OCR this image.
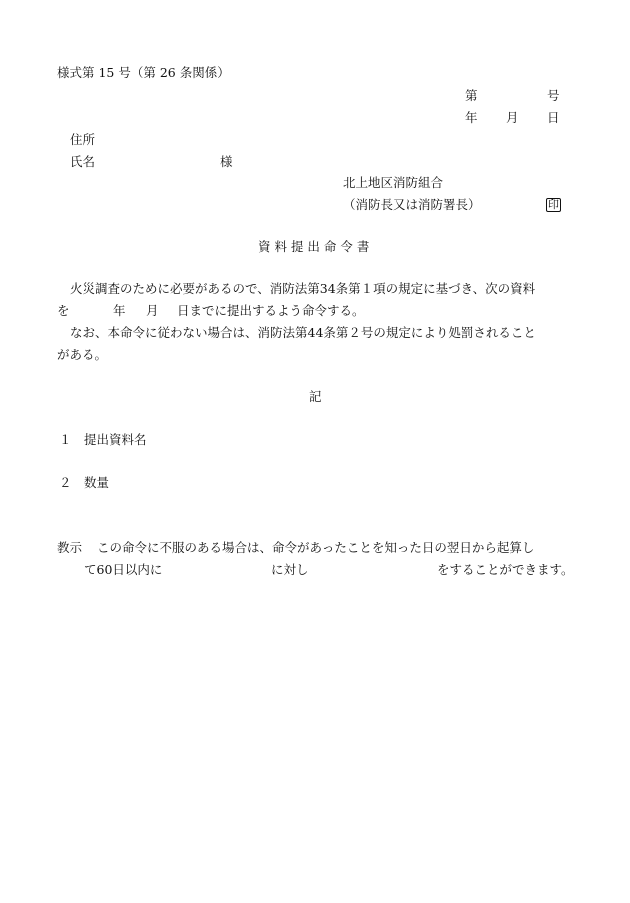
様式第 15 号（第 26 条関係）
第	号
年 月 日
住所
氏名	様
北上地区消防組合
（消防長又は消防署長）	印
資 料 提 出 命 令 書
火災調査のために必要があるので、消防法第34条第１項の規定に基づき、次の資料
を	年 月 日までに提出するよう命令する。
なお、本命令に従わない場合は、消防法第44条第２号の規定により処罰されること
がある。
記
１ 提出資料名
２ 数量
教示 この命令に不服のある場合は、命令があったことを知った日の翌日から起算し
て60日以内に	に対し	をすることができます。
